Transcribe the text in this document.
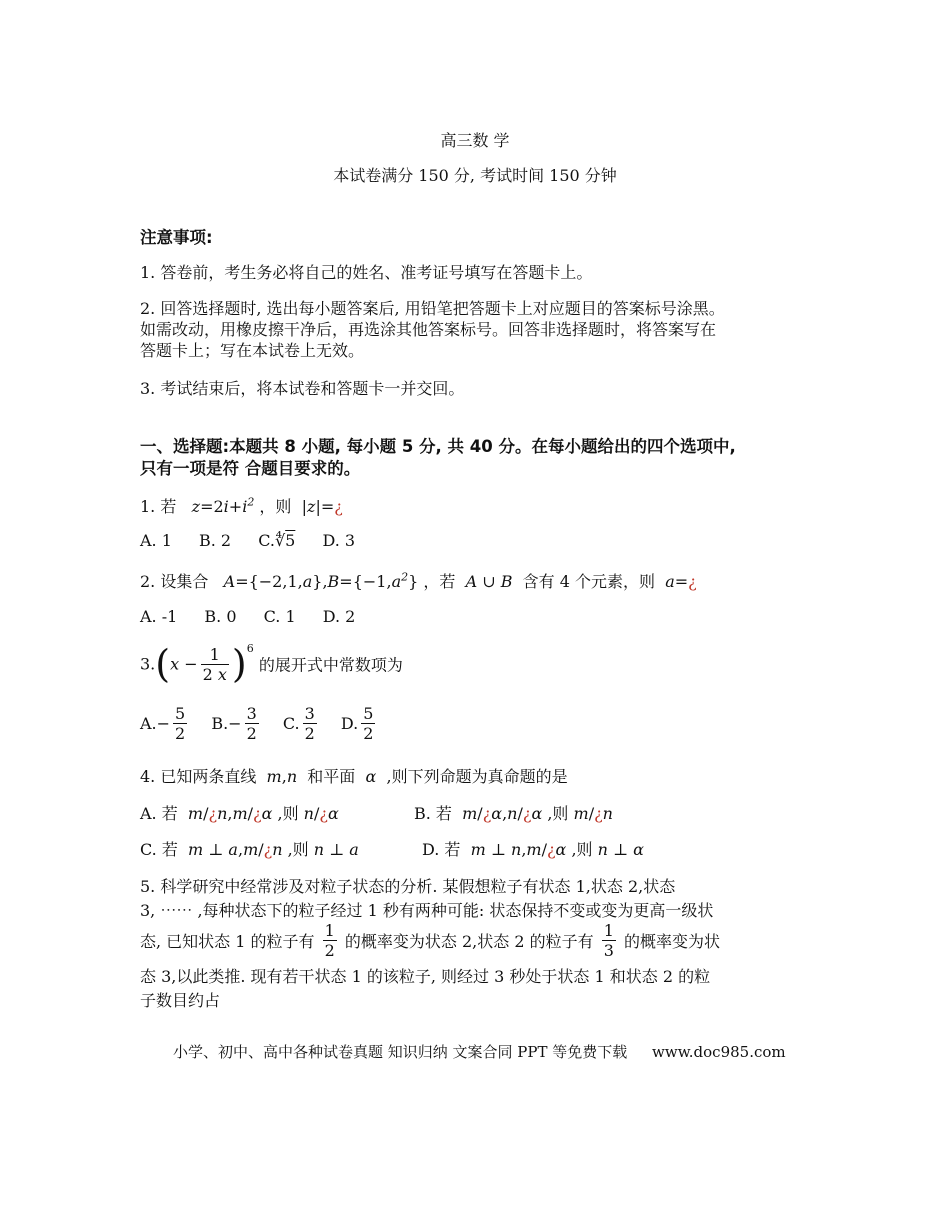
高三数 学
本试卷满分 150 分, 考试时间 150 分钟
注意事项:
1. 答卷前，考生务必将自己的姓名、准考证号填写在答题卡上。
2. 回答选择题时, 选出每小题答案后, 用铅笔把答题卡上对应题目的答案标号涂黑。
如需改动，用橡皮擦干净后，再选涂其他答案标号。回答非选择题时，将答案写在
答题卡上；写在本试卷上无效。
3. 考试结束后，将本试卷和答题卡一并交回。
一、选择题:本题共 8 小题, 每小题 5 分, 共 40 分。在每小题给出的四个选项中,
只有一项是符 合题目要求的。
1. 若   $z=2i+i^2$ ，则 |z|=¿
A. 1 B. 2 C.∜5 D. 3
2. 设集合   $A=\{-2,1,a\},B=\{-1,a^2\}$ ，若  A ∪ B  含有 4 个元素，则  a=¿
A. -1 B. 0 C. 1 D. 2
$3.(x - \frac{1}{2 x} )^6$ 的展开式中常数项为
$A.- \frac{5}{2} B.- \frac{3}{2} C$. $\frac{3}{2} D$. $\frac{5}{2}$
4. 已知两条直线  m,n  和平面  α  ,则下列命题为真命题的是
A. 若  m/¿n,m/¿α ,则 n/¿α	B. 若  m/¿α,n/¿α ,则 m/¿n
C. 若  m ⊥ a,m/¿n ,则 n ⊥ a	D. 若  m ⊥ n,m/¿α ,则 n ⊥ α
5. 科学研究中经常涉及对粒子状态的分析. 某假想粒子有状态 1,状态 2,状态
3, ⋯⋯ ,每种状态下的粒子经过 1 秒有两种可能: 状态保持不变或变为更高一级状
态, 已知状态 1 的粒子有 $\frac{1}{2}$ 的概率变为状态 2,状态 2 的粒子有 $\frac{1}{3}$ 的概率变为状
态 3,以此类推. 现有若干状态 1 的该粒子, 则经过 3 秒处于状态 1 和状态 2 的粒
子数目约占
小学、初中、高中各种试卷真题 知识归纳 文案合同 PPT 等免费下载 www.doc985.com
